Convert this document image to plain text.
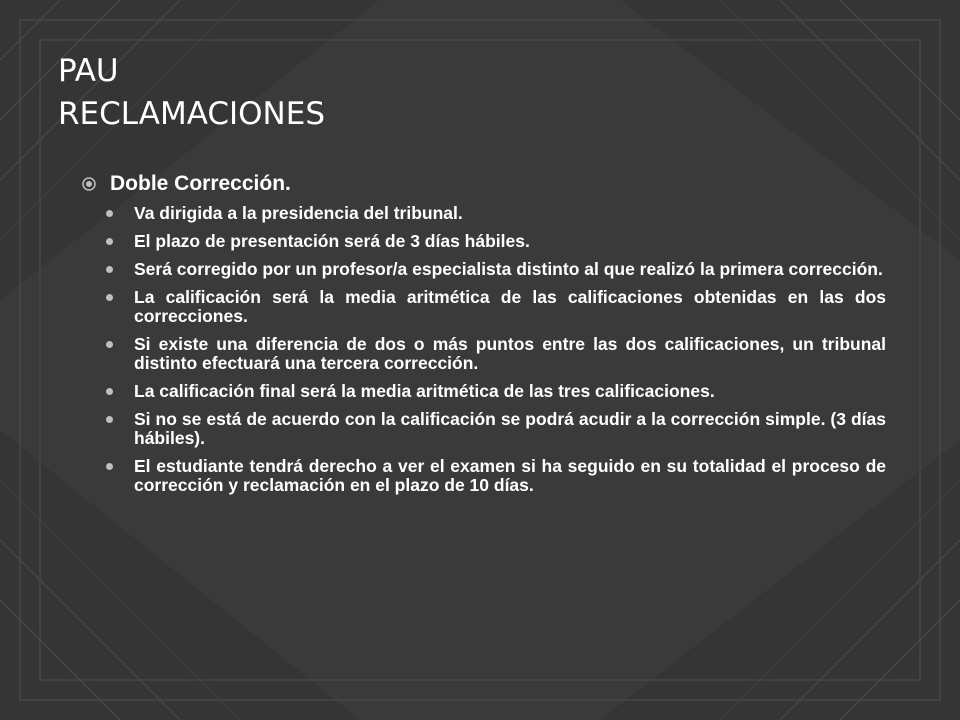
PAU
RECLAMACIONES
Doble Corrección.
Va dirigida a la presidencia del tribunal.
El plazo de presentación será de 3 días hábiles.
Será corregido por un profesor/a especialista distinto al que realizó la primera corrección.
La calificación será la media aritmética de las calificaciones obtenidas en las dos correcciones.
Si existe una diferencia de dos o más puntos entre las dos calificaciones, un tribunal distinto efectuará una tercera corrección.
La calificación final será la media aritmética de las tres calificaciones.
Si no se está de acuerdo con la calificación se podrá acudir a la corrección simple. (3 días hábiles).
El estudiante tendrá derecho a ver el examen si ha seguido en su totalidad el proceso de corrección y reclamación en el plazo de 10 días.
